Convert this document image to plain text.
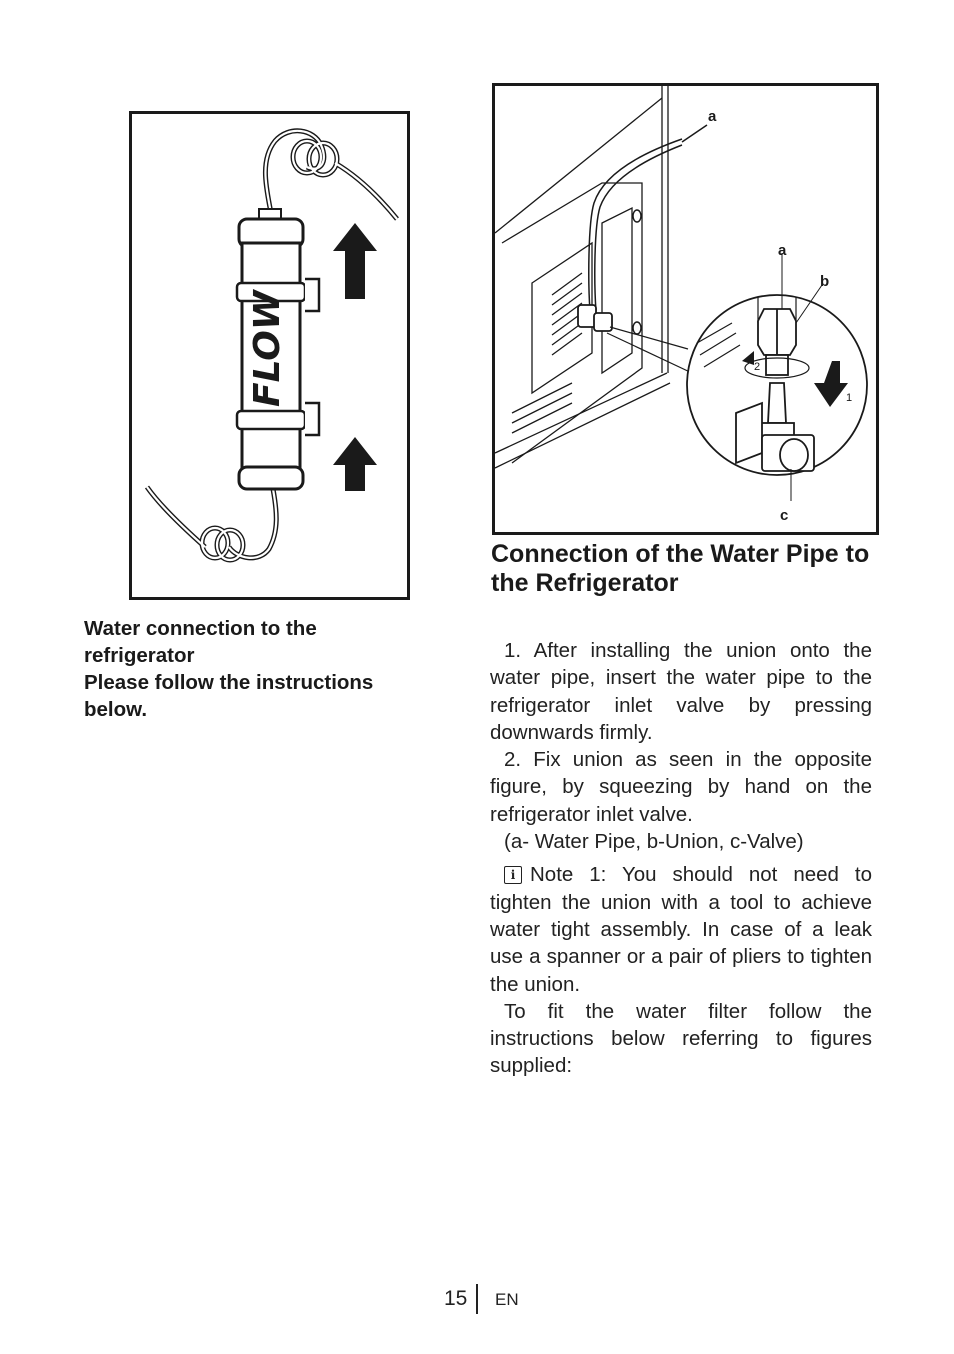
FLOW
a
a
b
c
1
2
Water connection to the refrigerator
Please follow the instructions below.
Connection of the Water Pipe to the Refrigerator

1. After installing the union onto the water pipe, insert the water pipe to the refrigerator inlet valve by pressing downwards firmly.

2. Fix union as seen in the opposite figure, by squeezing by hand on the refrigerator inlet valve.

(a- Water Pipe, b-Union, c-Valve)

i Note 1: You should not need to tighten the union with a tool to achieve water tight assembly. In case of a leak use a spanner or a pair of pliers to tighten the union.

To fit the water filter follow the instructions below referring to figures supplied:

15 EN
